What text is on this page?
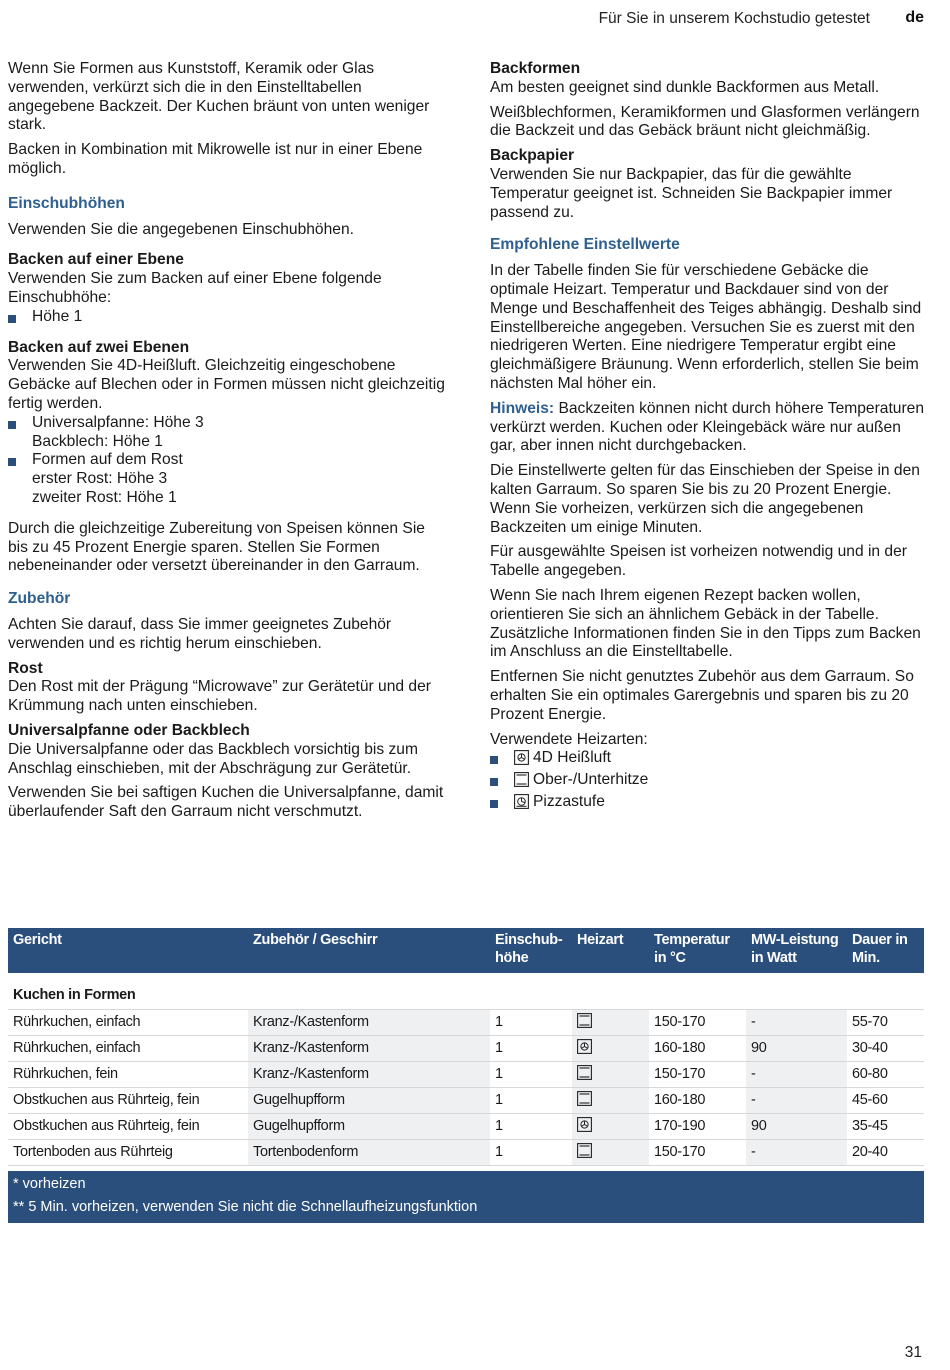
Für Sie in unserem Kochstudio getestet de

Wenn Sie Formen aus Kunststoff, Keramik oder Glas verwenden, verkürzt sich die in den Einstelltabellen angegebene Backzeit. Der Kuchen bräunt von unten weniger stark.

Backen in Kombination mit Mikrowelle ist nur in einer Ebene möglich.

Einschubhöhen

Verwenden Sie die angegebenen Einschubhöhen.

Backen auf einer Ebene
Verwenden Sie zum Backen auf einer Ebene folgende Einschubhöhe:
Höhe 1
Backen auf zwei Ebenen
Verwenden Sie 4D-Heißluft. Gleichzeitig eingeschobene Gebäcke auf Blechen oder in Formen müssen nicht gleichzeitig fertig werden.
Universalpfanne: Höhe 3
Backblech: Höhe 1
Formen auf dem Rost
erster Rost: Höhe 3
zweiter Rost: Höhe 1

Durch die gleichzeitige Zubereitung von Speisen können Sie bis zu 45 Prozent Energie sparen. Stellen Sie Formen nebeneinander oder versetzt übereinander in den Garraum.

Zubehör

Achten Sie darauf, dass Sie immer geeignetes Zubehör verwenden und es richtig herum einschieben.

Rost

Den Rost mit der Prägung “Microwave” zur Gerätetür und der Krümmung nach unten einschieben.

Universalpfanne oder Backblech

Die Universalpfanne oder das Backblech vorsichtig bis zum Anschlag einschieben, mit der Abschrägung zur Gerätetür.

Verwenden Sie bei saftigen Kuchen die Universalpfanne, damit überlaufender Saft den Garraum nicht verschmutzt.

Backformen

Am besten geeignet sind dunkle Backformen aus Metall.

Weißblechformen, Keramikformen und Glasformen verlängern die Backzeit und das Gebäck bräunt nicht gleichmäßig.

Backpapier

Verwenden Sie nur Backpapier, das für die gewählte Temperatur geeignet ist. Schneiden Sie Backpapier immer passend zu.

Empfohlene Einstellwerte

In der Tabelle finden Sie für verschiedene Gebäcke die optimale Heizart. Temperatur und Backdauer sind von der Menge und Beschaffenheit des Teiges abhängig. Deshalb sind Einstellbereiche angegeben. Versuchen Sie es zuerst mit den niedrigeren Werten. Eine niedrigere Temperatur ergibt eine gleichmäßigere Bräunung. Wenn erforderlich, stellen Sie beim nächsten Mal höher ein.

Hinweis: Backzeiten können nicht durch höhere Temperaturen verkürzt werden. Kuchen oder Kleingebäck wäre nur außen gar, aber innen nicht durchgebacken.

Die Einstellwerte gelten für das Einschieben der Speise in den kalten Garraum. So sparen Sie bis zu 20 Prozent Energie. Wenn Sie vorheizen, verkürzen sich die angegebenen Backzeiten um einige Minuten.

Für ausgewählte Speisen ist vorheizen notwendig und in der Tabelle angegeben.

Wenn Sie nach Ihrem eigenen Rezept backen wollen, orientieren Sie sich an ähnlichem Gebäck in der Tabelle. Zusätzliche Informationen finden Sie in den Tipps zum Backen im Anschluss an die Einstelltabelle.

Entfernen Sie nicht genutztes Zubehör aus dem Garraum. So erhalten Sie ein optimales Garergebnis und sparen bis zu 20 Prozent Energie.

Verwendete Heizarten:
4D Heißluft
Ober-/Unterhitze
Pizzastufe
Gericht	Zubehör / Geschirr	Einschub-höhe	Heizart	Temperatur in °C	MW-Leistung in Watt	Dauer in Min.
Kuchen in Formen						
Rührkuchen, einfach	Kranz-/Kastenform	1		150-170	-	55-70
Rührkuchen, einfach	Kranz-/Kastenform	1		160-180	90	30-40
Rührkuchen, fein	Kranz-/Kastenform	1		150-170	-	60-80
Obstkuchen aus Rührteig, fein	Gugelhupfform	1		160-180	-	45-60
Obstkuchen aus Rührteig, fein	Gugelhupfform	1		170-190	90	35-45
Tortenboden aus Rührteig	Tortenbodenform	1		150-170	-	20-40

* vorheizen						
** 5 Min. vorheizen, verwenden Sie nicht die Schnellaufheizungsfunktion						
31
